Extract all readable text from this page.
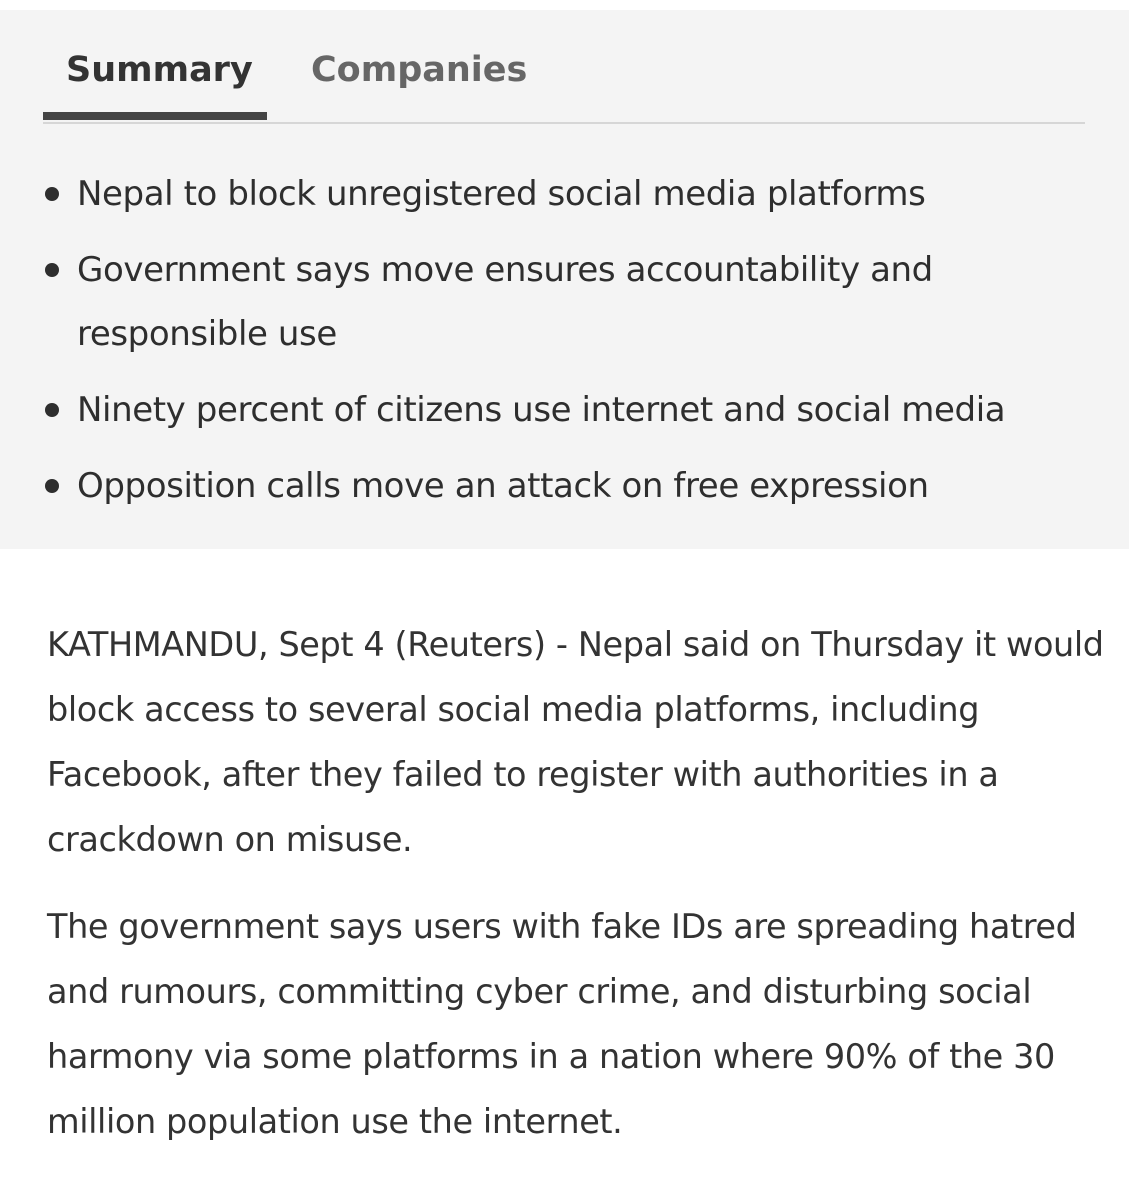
Summary Companies
Nepal to block unregistered social media platforms
Government says move ensures accountability and responsible use
Ninety percent of citizens use internet and social media
Opposition calls move an attack on free expression

KATHMANDU, Sept 4 (Reuters) - Nepal said on Thursday it would block access to several social media platforms, including Facebook, after they failed to register with authorities in a crackdown on misuse.

The government says users with fake IDs are spreading hatred and rumours, committing cyber crime, and disturbing social harmony via some platforms in a nation where 90% of the 30 million population use the internet.
